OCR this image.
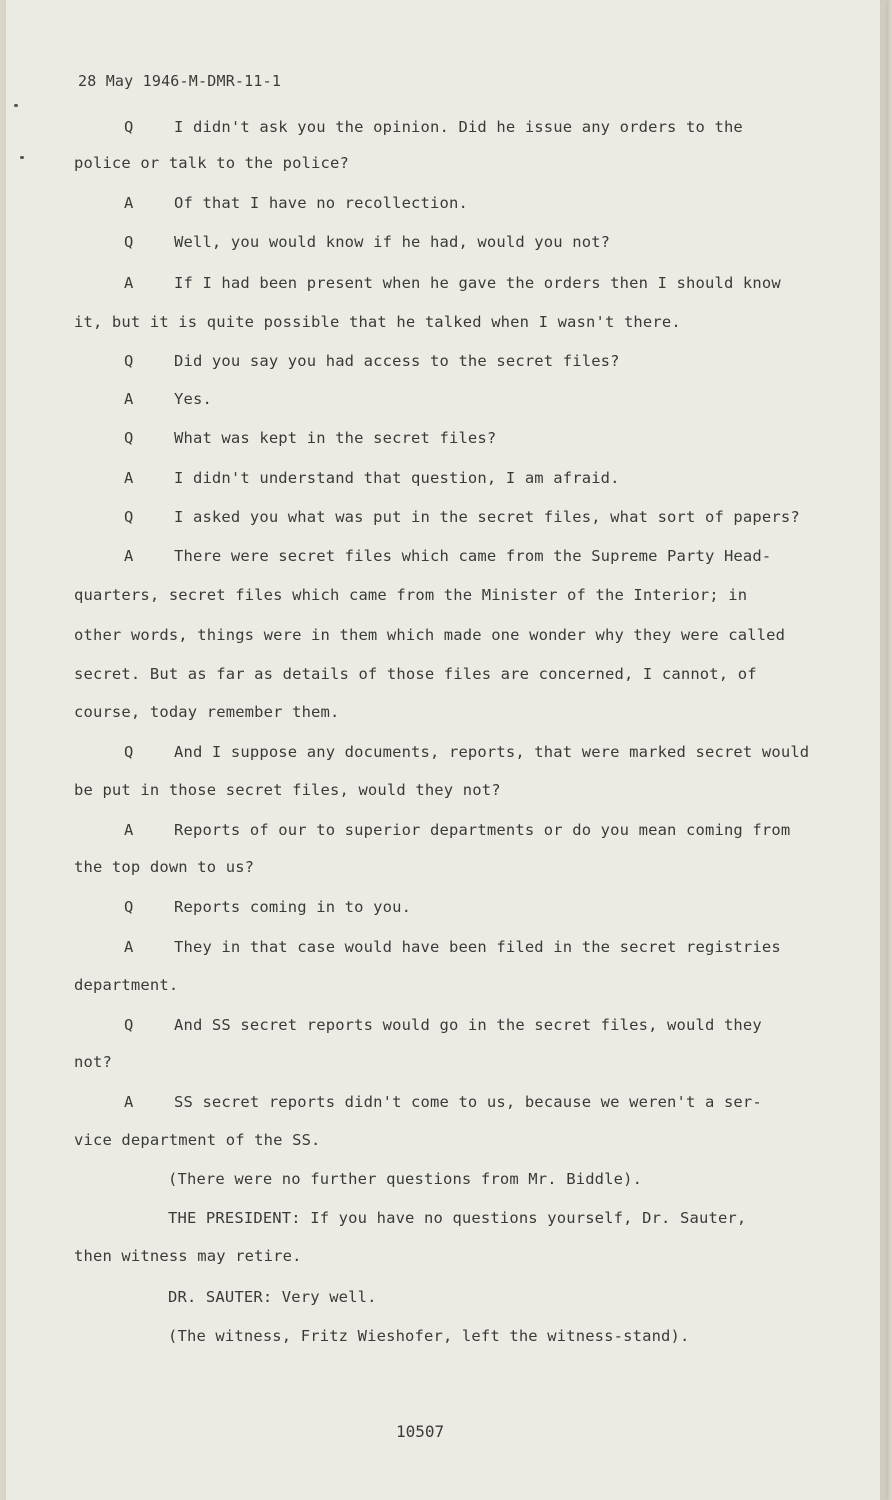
28 May 1946-M-DMR-11-1
Q	I didn't ask you the opinion. Did he issue any orders to the
police or talk to the police?
A	Of that I have no recollection.
Q	Well, you would know if he had, would you not?
A	If I had been present when he gave the orders then I should know
it, but it is quite possible that he talked when I wasn't there.
Q	Did you say you had access to the secret files?
A	Yes.
Q	What was kept in the secret files?
A	I didn't understand that question, I am afraid.
Q	I asked you what was put in the secret files, what sort of papers?
A	There were secret files which came from the Supreme Party Head-
quarters, secret files which came from the Minister of the Interior; in
other words, things were in them which made one wonder why they were called
secret. But as far as details of those files are concerned, I cannot, of
course, today remember them.
Q	And I suppose any documents, reports, that were marked secret would
be put in those secret files, would they not?
A	Reports of our to superior departments or do you mean coming from
the top down to us?
Q	Reports coming in to you.
A	They in that case would have been filed in the secret registries
department.
Q	And SS secret reports would go in the secret files, would they
not?
A	SS secret reports didn't come to us, because we weren't a ser-
vice department of the SS.
(There were no further questions from Mr. Biddle).
THE PRESIDENT: If you have no questions yourself, Dr. Sauter,
then witness may retire.
DR. SAUTER: Very well.
(The witness, Fritz Wieshofer, left the witness-stand).
10507
